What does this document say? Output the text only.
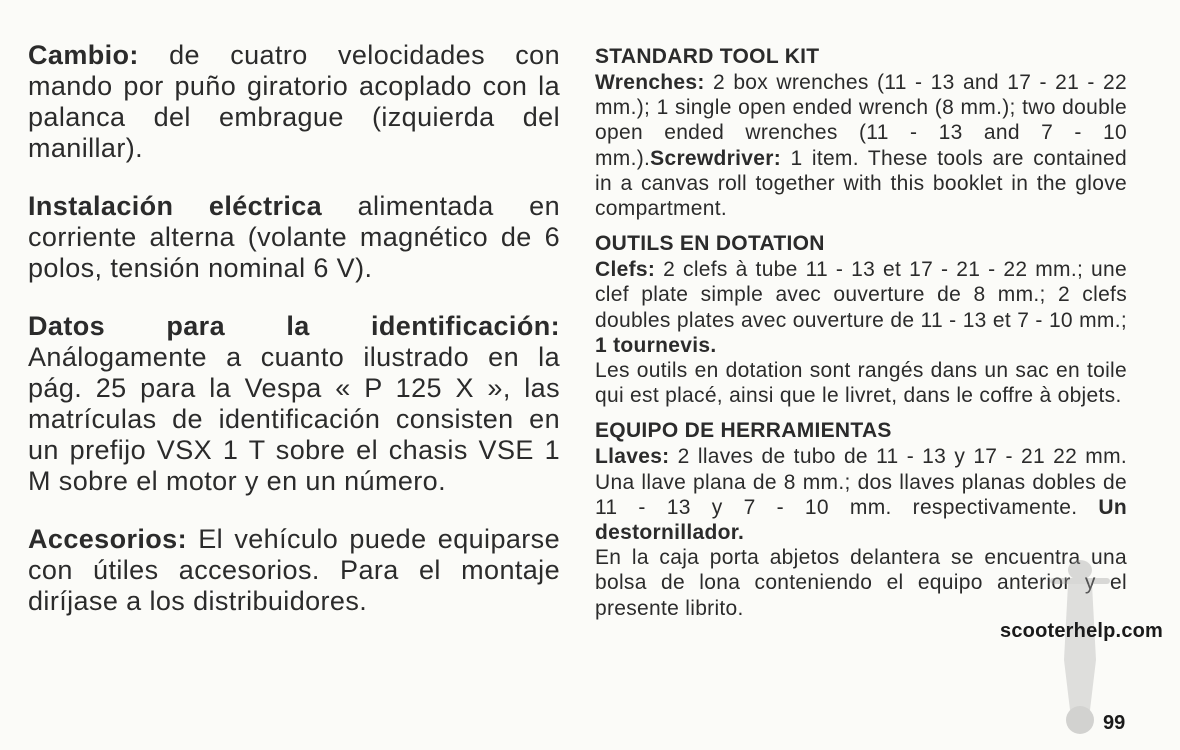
Cambio: de cuatro velocidades con mando por puño giratorio acoplado con la palanca del embrague (izquierda del manillar).

Instalación eléctrica alimentada en corriente alterna (volante magnético de 6 polos, tensión nominal 6 V).

Datos para la identificación: Análogamente a cuanto ilustrado en la pág. 25 para la Vespa « P 125 X », las matrículas de identificación consisten en un prefijo VSX 1 T sobre el chasis VSE 1 M sobre el motor y en un número.

Accesorios: El vehículo puede equiparse con útiles accesorios. Para el montaje diríjase a los distribuidores.

STANDARD TOOL KIT

Wrenches: 2 box wrenches (11 - 13 and 17 - 21 - 22 mm.); 1 single open ended wrench (8 mm.); two double open ended wrenches (11 - 13 and 7 - 10 mm.).Screwdriver: 1 item. These tools are contained in a canvas roll together with this booklet in the glove compartment.

OUTILS EN DOTATION

Clefs: 2 clefs à tube 11 - 13 et 17 - 21 - 22 mm.; une clef plate simple avec ouverture de 8 mm.; 2 clefs doubles plates avec ouverture de 11 - 13 et 7 - 10 mm.; 1 tournevis.
Les outils en dotation sont rangés dans un sac en toile qui est placé, ainsi que le livret, dans le coffre à objets.

EQUIPO DE HERRAMIENTAS

Llaves: 2 llaves de tubo de 11 - 13 y 17 - 21 22 mm. Una llave plana de 8 mm.; dos llaves planas dobles de 11 - 13 y 7 - 10 mm. respectivamente. Un destornillador.
En la caja porta abjetos delantera se encuentra una bolsa de lona conteniendo el equipo anterior y el presente librito.

scooterhelp.com
99
